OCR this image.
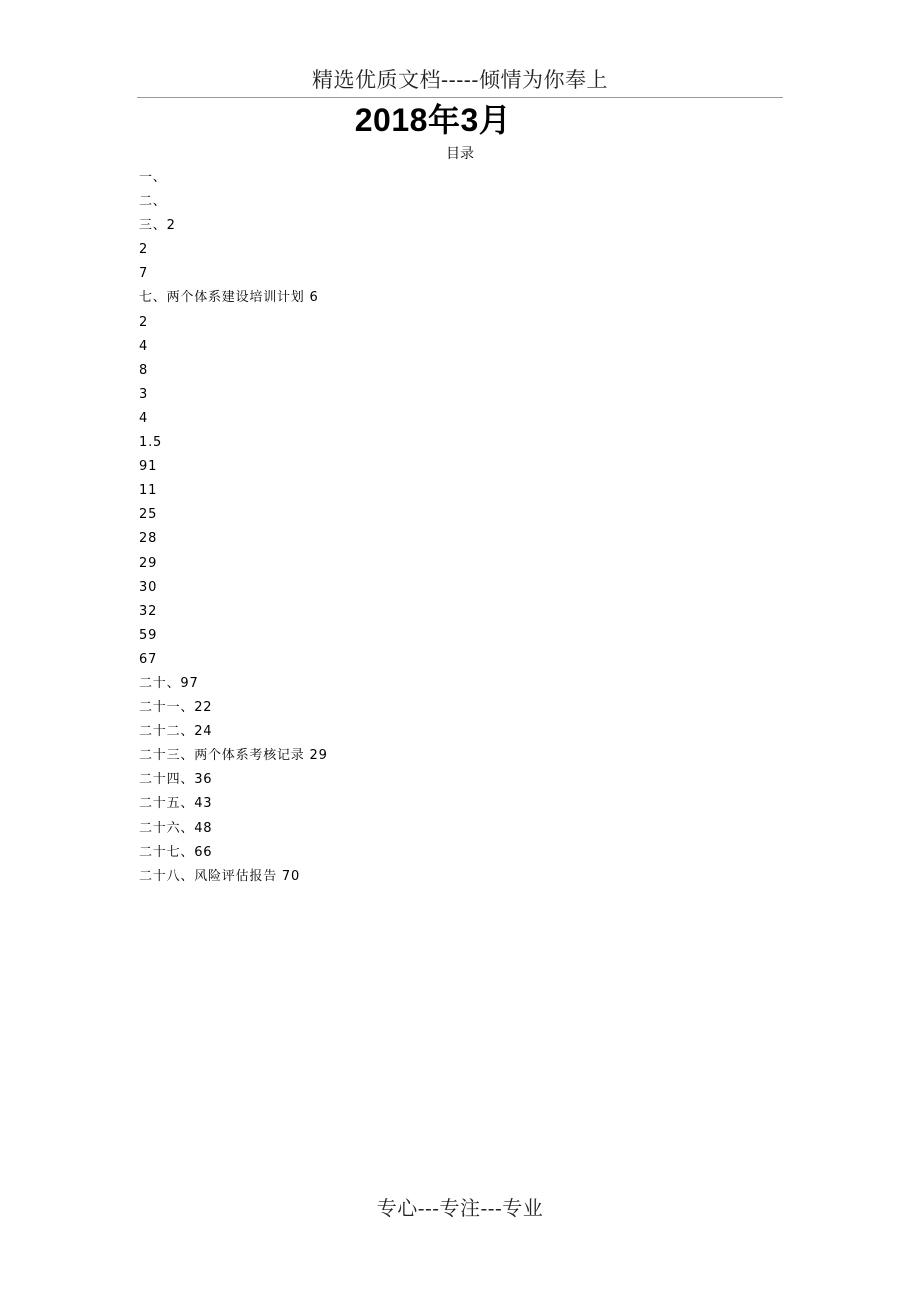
精选优质文档-----倾情为你奉上
2018年3月
目录
一、
二、
三、2
2
7
七、两个体系建设培训计划 6
2
4
8
3
4
1.5
91
11
25
28
29
30
32
59
67
二十、97
二十一、22
二十二、24
二十三、两个体系考核记录 29
二十四、36
二十五、43
二十六、48
二十七、66
二十八、风险评估报告 70
专心---专注---专业
